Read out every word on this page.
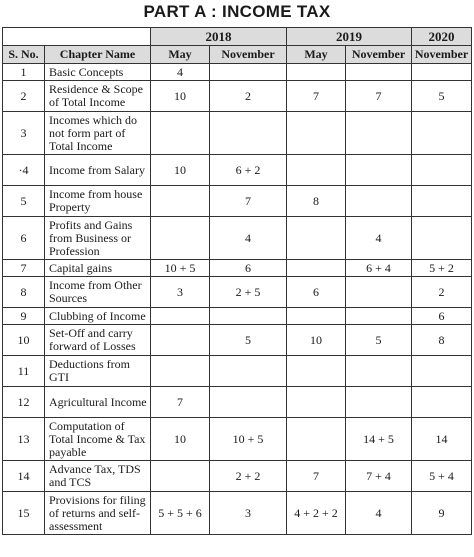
PART A : INCOME TAX
		2018		2019		2020
S. No.	Chapter Name	May	November	May	November	November
1	Basic Concepts	4				
2	Residence & Scope of Total Income	10	2	7	7	5
3	Incomes which do not form part of Total Income					
·4	Income from Salary	10	6 + 2			
5	Income from house Property		7	8		
6	Profits and Gains from Business or Profession		4		4	
7	Capital gains	10 + 5	6		6 + 4	5 + 2
8	Income from Other Sources	3	2 + 5	6		2
9	Clubbing of Income					6
10	Set-Off and carry forward of Losses		5	10	5	8
11	Deductions from GTI					
12	Agricultural Income	7				
13	Computation of Total Income & Tax payable	10	10 + 5		14 + 5	14
14	Advance Tax, TDS and TCS		2 + 2	7	7 + 4	5 + 4
15	Provisions for filing of returns and self-assessment	5 + 5 + 6	3	4 + 2 + 2	4	9
